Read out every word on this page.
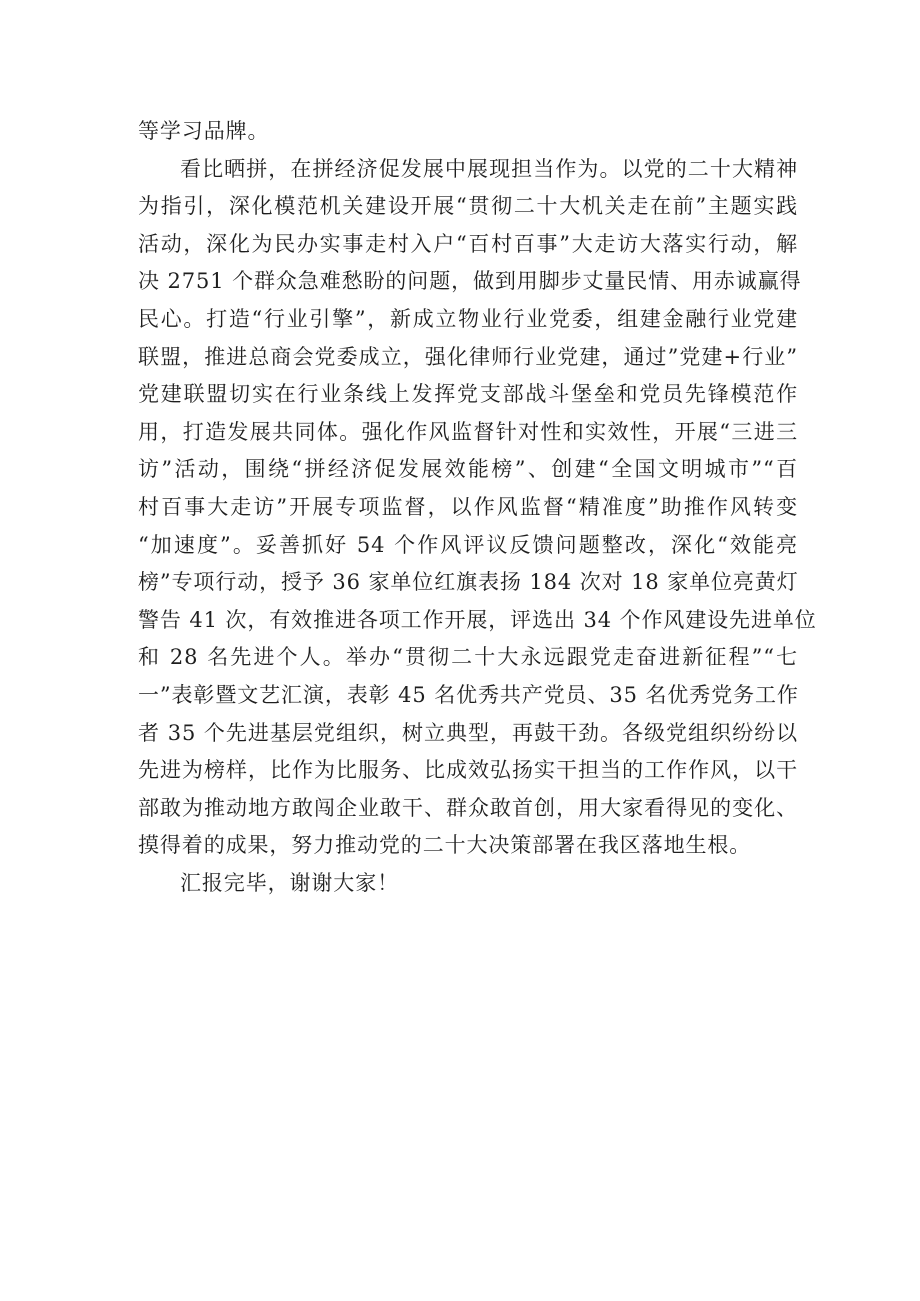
等学习品牌。
看比晒拼，在拼经济促发展中展现担当作为。以党的二十大精神
为指引，深化模范机关建设开展“贯彻二十大机关走在前”主题实践
活动，深化为民办实事走村入户“百村百事”大走访大落实行动，解
决 2751 个群众急难愁盼的问题，做到用脚步丈量民情、用赤诚赢得
民心。打造“行业引擎”，新成立物业行业党委，组建金融行业党建
联盟，推进总商会党委成立，强化律师行业党建，通过”党建+行业”
党建联盟切实在行业条线上发挥党支部战斗堡垒和党员先锋模范作
用，打造发展共同体。强化作风监督针对性和实效性，开展“三进三
访”活动，围绕“拼经济促发展效能榜”、创建“全国文明城市”“百
村百事大走访”开展专项监督，以作风监督“精准度”助推作风转变
“加速度”。妥善抓好 54 个作风评议反馈问题整改，深化“效能亮
榜”专项行动，授予 36 家单位红旗表扬 184 次对 18 家单位亮黄灯
警告 41 次，有效推进各项工作开展，评选出 34 个作风建设先进单位
和 28 名先进个人。举办“贯彻二十大永远跟党走奋进新征程”“七
一”表彰暨文艺汇演，表彰 45 名优秀共产党员、35 名优秀党务工作
者 35 个先进基层党组织，树立典型，再鼓干劲。各级党组织纷纷以
先进为榜样，比作为比服务、比成效弘扬实干担当的工作作风，以干
部敢为推动地方敢闯企业敢干、群众敢首创，用大家看得见的变化、
摸得着的成果，努力推动党的二十大决策部署在我区落地生根。
汇报完毕，谢谢大家！
